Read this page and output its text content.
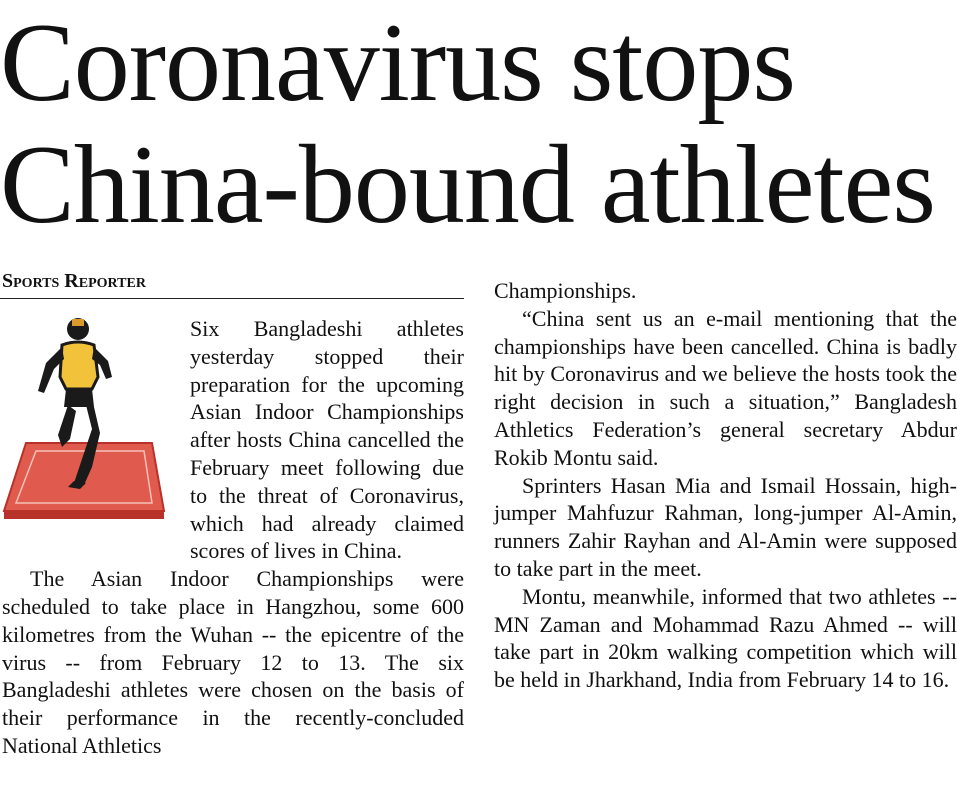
Coronavirus stops
China-bound athletes
Sports Reporter

Six Bangladeshi athletes yesterday stopped their preparation for the upcoming Asian Indoor Championships after hosts China cancelled the February meet following due to the threat of Coronavirus, which had already claimed scores of lives in China.

The Asian Indoor Championships were scheduled to take place in Hangzhou, some 600 kilometres from the Wuhan -- the epicentre of the virus -- from February 12 to 13. The six Bangladeshi athletes were chosen on the basis of their performance in the recently-concluded National Athletics

Championships.

“China sent us an e-mail mentioning that the championships have been cancelled. China is badly hit by Coronavirus and we believe the hosts took the right decision in such a situation,” Bangladesh Athletics Federation’s general secretary Abdur Rokib Montu said.

Sprinters Hasan Mia and Ismail Hossain, high-jumper Mahfuzur Rahman, long-jumper Al-Amin, runners Zahir Rayhan and Al-Amin were supposed to take part in the meet.

Montu, meanwhile, informed that two athletes -- MN Zaman and Mohammad Razu Ahmed -- will take part in 20km walking competition which will be held in Jharkhand, India from February 14 to 16.
